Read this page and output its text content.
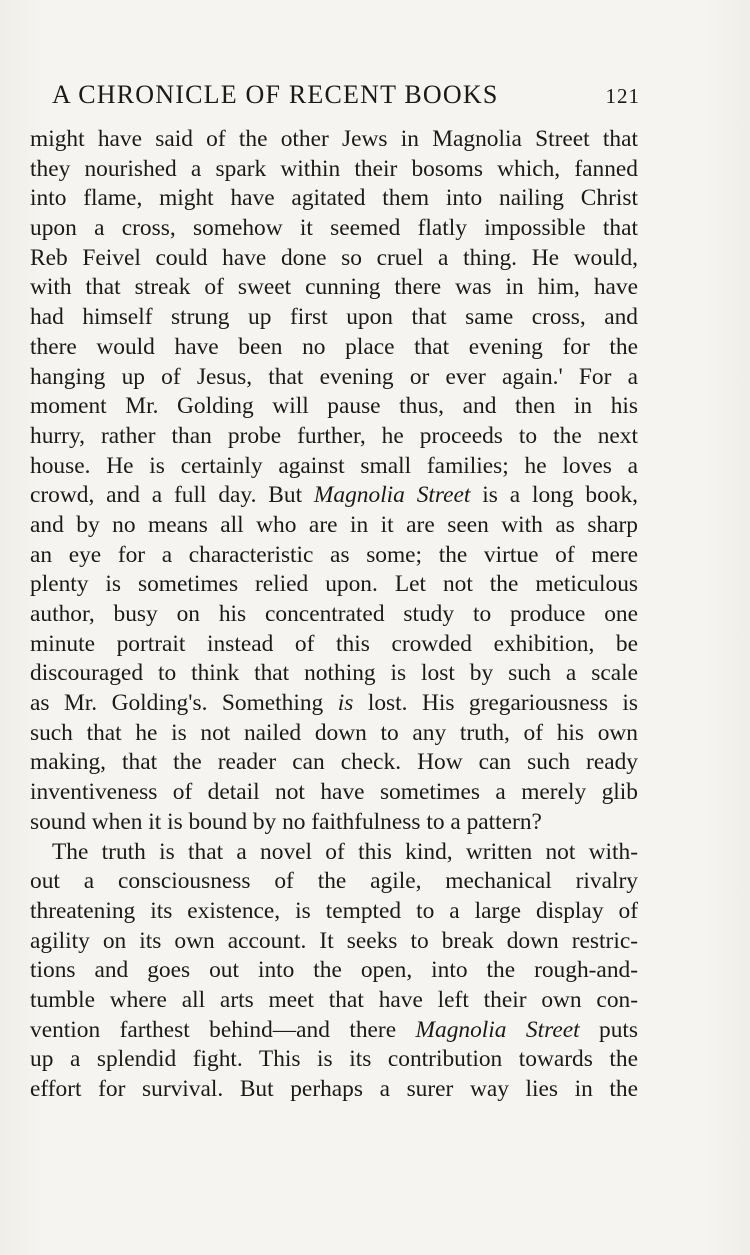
A CHRONICLE OF RECENT BOOKS	121
might have said of the other Jews in Magnolia Street that
they nourished a spark within their bosoms which, fanned
into flame, might have agitated them into nailing Christ
upon a cross, somehow it seemed flatly impossible that
Reb Feivel could have done so cruel a thing. He would,
with that streak of sweet cunning there was in him, have
had himself strung up first upon that same cross, and
there would have been no place that evening for the
hanging up of Jesus, that evening or ever again.' For a
moment Mr. Golding will pause thus, and then in his
hurry, rather than probe further, he proceeds to the next
house. He is certainly against small families; he loves a
crowd, and a full day. But Magnolia Street is a long book,
and by no means all who are in it are seen with as sharp
an eye for a characteristic as some; the virtue of mere
plenty is sometimes relied upon. Let not the meticulous
author, busy on his concentrated study to produce one
minute portrait instead of this crowded exhibition, be
discouraged to think that nothing is lost by such a scale
as Mr. Golding's. Something is lost. His gregariousness is
such that he is not nailed down to any truth, of his own
making, that the reader can check. How can such ready
inventiveness of detail not have sometimes a merely glib
sound when it is bound by no faithfulness to a pattern?
The truth is that a novel of this kind, written not with-
out a consciousness of the agile, mechanical rivalry
threatening its existence, is tempted to a large display of
agility on its own account. It seeks to break down restric-
tions and goes out into the open, into the rough-and-
tumble where all arts meet that have left their own con-
vention farthest behind—and there Magnolia Street puts
up a splendid fight. This is its contribution towards the
effort for survival. But perhaps a surer way lies in the
